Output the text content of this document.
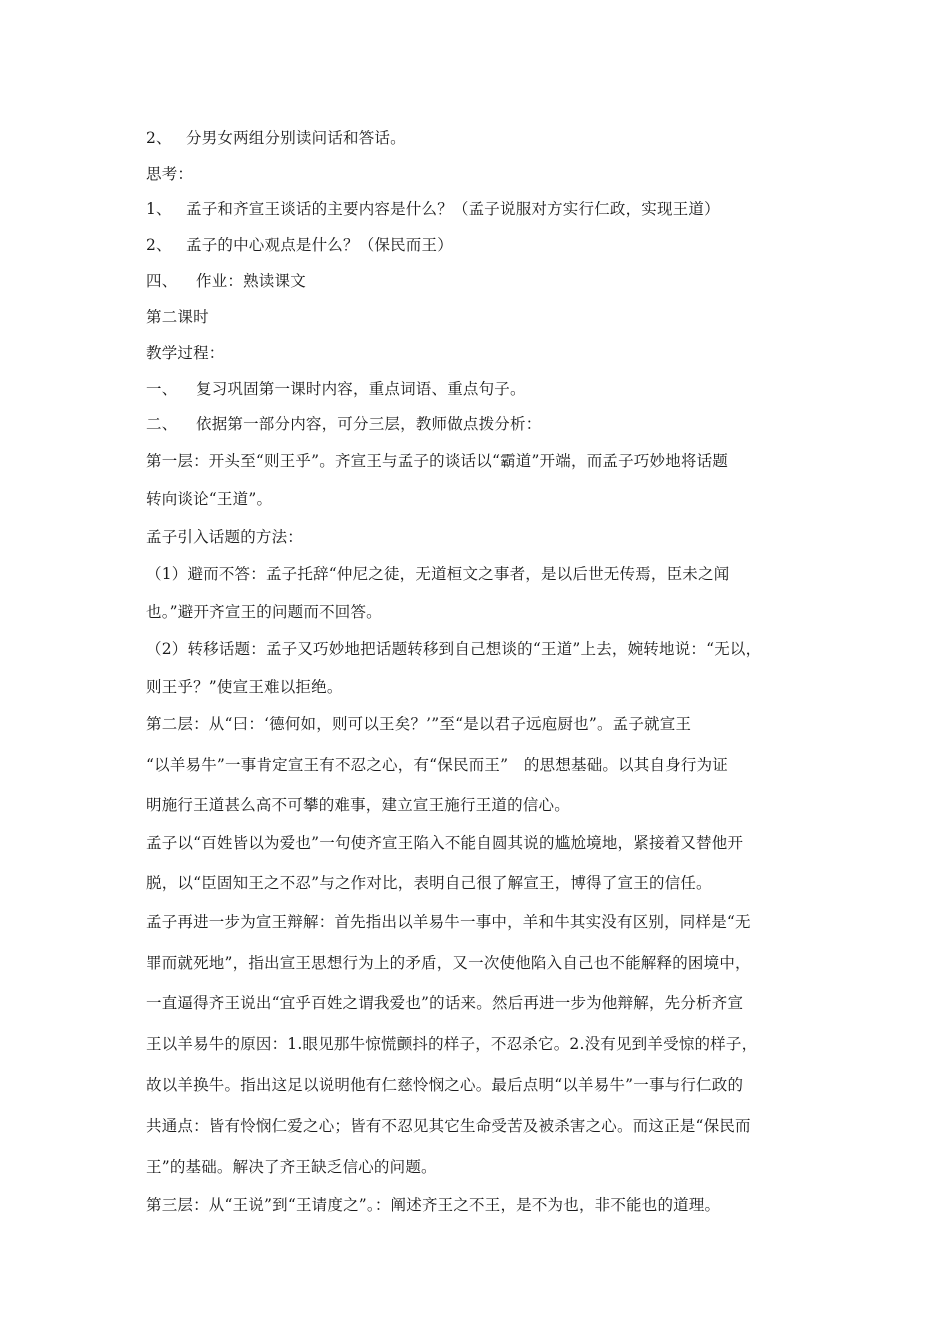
2、 分男女两组分别读问话和答话。
思考：
1、 孟子和齐宣王谈话的主要内容是什么？（孟子说服对方实行仁政，实现王道）
2、 孟子的中心观点是什么？（保民而王）
四、 作业：熟读课文
第二课时
教学过程：
一、 复习巩固第一课时内容，重点词语、重点句子。
二、 依据第一部分内容，可分三层，教师做点拨分析：
第一层：开头至“则王乎”。齐宣王与孟子的谈话以“霸道”开端，而孟子巧妙地将话题
转向谈论“王道”。
孟子引入话题的方法：
（1）避而不答：孟子托辞“仲尼之徒，无道桓文之事者，是以后世无传焉，臣未之闻
也。”避开齐宣王的问题而不回答。
（2）转移话题：孟子又巧妙地把话题转移到自己想谈的“王道”上去，婉转地说：“无以，
则王乎？”使宣王难以拒绝。
第二层：从“曰：‘德何如，则可以王矣？’”至“是以君子远庖厨也”。孟子就宣王
“以羊易牛”一事肯定宣王有不忍之心，有“保民而王”　的思想基础。以其自身行为证
明施行王道甚么高不可攀的难事，建立宣王施行王道的信心。
孟子以“百姓皆以为爱也”一句使齐宣王陷入不能自圆其说的尴尬境地，紧接着又替他开
脱，以“臣固知王之不忍”与之作对比，表明自己很了解宣王，博得了宣王的信任。
孟子再进一步为宣王辩解：首先指出以羊易牛一事中，羊和牛其实没有区别，同样是“无
罪而就死地”，指出宣王思想行为上的矛盾，又一次使他陷入自己也不能解释的困境中，
一直逼得齐王说出“宜乎百姓之谓我爱也”的话来。然后再进一步为他辩解，先分析齐宣
王以羊易牛的原因：1.眼见那牛惊慌颤抖的样子，不忍杀它。2.没有见到羊受惊的样子，
故以羊换牛。指出这足以说明他有仁慈怜悯之心。最后点明“以羊易牛”一事与行仁政的
共通点：皆有怜悯仁爱之心；皆有不忍见其它生命受苦及被杀害之心。而这正是“保民而
王”的基础。解决了齐王缺乏信心的问题。
第三层：从“王说”到“王请度之”。：阐述齐王之不王，是不为也，非不能也的道理。
